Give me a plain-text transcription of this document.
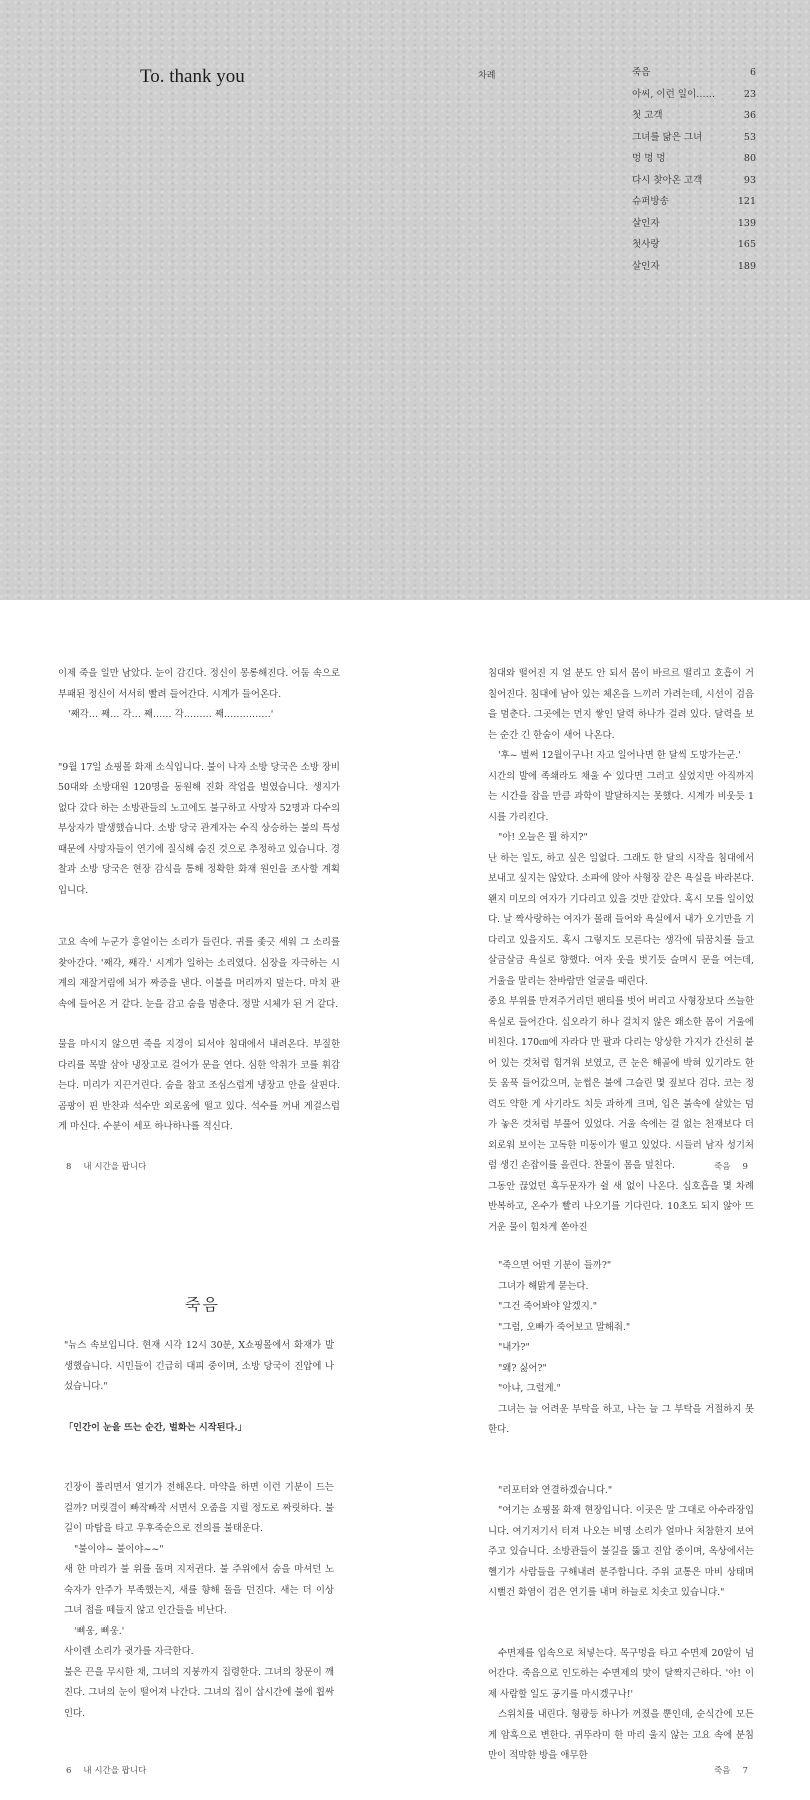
To. thank you	차례	죽음	6
아씨, 이런 일이……	23
첫 고객	36
그녀를 닮은 그녀	53
멍 멍 멍	80
다시 찾아온 고객	93
슈퍼방송	121
살인자	139
첫사랑	165
살인자	189

이제 죽을 일만 남았다. 눈이 감긴다. 정신이 몽롱해진다. 어둠 속으로 부패된 정신이 서서히 빨려 들어간다. 시계가 들어온다.

'째각… 째… 각… 째…… 각……… 째……………'

"9월 17일 쇼핑몰 화재 소식입니다. 불이 나자 소방 당국은 소방 장비 50대와 소방대원 120명을 동원해 진화 작업을 벌였습니다. 생지가 없다 갔다 하는 소방관들의 노고에도 불구하고 사망자 52명과 다수의 부상자가 발생했습니다. 소방 당국 관계자는 수직 상승하는 불의 특성 때문에 사망자들이 연기에 질식해 숨진 것으로 추정하고 있습니다. 경찰과 소방 당국은 현장 감식을 통해 정확한 화재 원인을 조사할 계획입니다.

고요 속에 누군가 흥얼이는 소리가 들린다. 귀를 좇긋 세워 그 소리를 찾아간다. '째각, 째각.' 시계가 일하는 소리였다. 심장을 자극하는 시계의 재잘거림에 뇌가 짜증을 낸다. 이불을 머리까지 덮는다. 마치 관 속에 들어온 거 같다. 눈을 감고 숨을 멈춘다. 정말 시체가 된 거 같다.

물을 마시지 않으면 죽을 지경이 되서야 침대에서 내려온다. 부질한 다리를 목발 삼아 냉장고로 걸어가 문을 연다. 심한 악취가 코를 휘감는다. 미리가 지끈거린다. 숨을 참고 조심스럽게 냉장고 안을 살핀다. 곰팡이 핀 반찬과 석수만 외로움에 떨고 있다. 석수를 꺼내 게걸스럽게 마신다. 수분이 세포 하나하나를 적신다.

8 내 시간을 팝니다

침대와 떨어진 지 얼 분도 안 되서 몸이 바르르 떨리고 호흡이 거칠어진다. 침대에 남아 있는 체온을 느끼러 가려는데, 시선이 검음을 멈춘다. 그곳에는 먼지 쌓인 달력 하나가 걸려 있다. 달력을 보는 순간 긴 한숨이 새어 나온다.

'후~ 벌써 12월이구나! 자고 일어나면 한 달씩 도망가는군.'

시간의 발에 족쇄라도 채울 수 있다면 그러고 싶었지만 아직까지는 시간을 잡을 만큼 과학이 발달하지는 못했다. 시계가 비웃듯 1시를 가리킨다.

"아! 오늘은 뭘 하지?"

난 하는 일도, 하고 싶은 일없다. 그래도 한 달의 시작을 침대에서 보내고 싶지는 않았다. 소파에 앉아 사형장 같은 욕실을 바라본다. 왠지 미모의 여자가 기다리고 있을 것만 같았다. 혹시 모를 일이었다. 날 짝사랑하는 여자가 몰래 들어와 욕실에서 내가 오기만을 기다리고 있을지도. 혹시 그렇지도 모른다는 생각에 뒤꿈치를 들고 살금살금 욕실로 향했다. 여자 웃을 벗기듯 슬며시 문을 여는데, 거울을 말리는 찬바람만 얼굴을 때린다.

중요 부위를 만져주거리던 팬티를 벗어 버리고 사형장보다 쓰늘한 욕실로 들어간다. 십오라기 하나 걸치지 않은 왜소한 몸이 거울에 비친다. 170㎝에 자라다 만 팔과 다리는 앙상한 가지가 간신히 붙어 있는 것처럼 힘겨워 보였고, 큰 눈은 해골에 박혀 있기라도 한 듯 움푹 들어갔으며, 눈썹은 불에 그슬린 몇 짚보다 검다. 코는 정력도 약한 게 사기라도 치듯 과하게 크며, 입은 붉속에 살았는 덤가 놓은 것처럼 부풀어 있었다. 거울 속에는 걸 없는 천재보다 더 외로워 보이는 고독한 미동이가 떨고 있었다. 시들러 남자 성기처럼 생긴 손잡이를 올린다. 찬물이 몸을 덮친다.

그동안 끊었던 흑두문자가 쉴 새 없이 나온다. 십호흡을 몇 차례 반복하고, 온수가 빨리 나오기를 기다린다. 10초도 되지 않아 뜨거운 물이 힘차게 쏟아진

죽음 9
죽음

"뉴스 속보입니다. 현재 시각 12시 30분, X쇼핑몰에서 화재가 발생했습니다. 시민들이 긴급히 대피 중이며, 소방 당국이 진압에 나섰습니다."

「인간이 눈을 뜨는 순간, 벌화는 시작된다.」

긴장이 풀리면서 열기가 전해온다. 마약을 하면 이런 기분이 드는 걸까? 머릿결이 빠작빠작 서면서 오줌을 지릴 정도로 짜릿하다. 불길이 마탑을 타고 우후죽순으로 전의를 불태운다.

"불이야~ 불이야~~"

새 한 마리가 불 위를 돌며 지저귄다. 불 주위에서 숨을 마셔던 노숙자가 안주가 부족했는지, 새를 향해 돌을 던진다. 새는 더 이상 그녀 접을 떼들지 않고 인간들을 비난다.

'삐웅, 삐웅.'

사이렌 소리가 귓가를 자극한다.

불은 끈을 무시한 채, 그녀의 지붕까지 집령한다. 그녀의 창문이 깨진다. 그녀의 눈이 떨어져 나간다. 그녀의 집이 삽시간에 불에 휩싸인다.

6 내 시간을 팝니다

"죽으면 어떤 기분이 들까?"

그녀가 해맑게 묻는다.

"그건 죽어봐야 알겠지."

"그럼, 오빠가 죽어보고 말해줘."

"내가?"

"왜? 싫어?"

"아냐, 그럴게."

그녀는 늘 어려운 부탁을 하고, 나는 늘 그 부탁을 거절하지 못한다.

"리포터와 연결하겠습니다."

"여기는 쇼핑몰 화재 현장입니다. 이곳은 말 그대로 아수라장입니다. 여기저기서 터져 나오는 비명 소리가 얼마나 처참한지 보여주고 있습니다. 소방관들이 불길을 뚫고 진압 중이며, 옥상에서는 헬기가 사람들을 구해내려 분주합니다. 주위 교통은 마비 상태며 시뻘건 화염이 검은 연기를 내며 하늘로 치솟고 있습니다."

수면제를 입속으로 처넣는다. 목구멍을 타고 수면제 20알이 넘어간다. 죽음으로 인도하는 수면제의 맛이 달짝지근하다. '아! 이제 사람할 일도 공기를 마시겠구나!'

스위치를 내린다. 형광등 하나가 꺼졌을 뿐인데, 순식간에 모든 게 암흑으로 변한다. 귀뚜라미 한 마리 울지 않는 고요 속에 분침만이 적막한 방을 애무한

죽음 7
